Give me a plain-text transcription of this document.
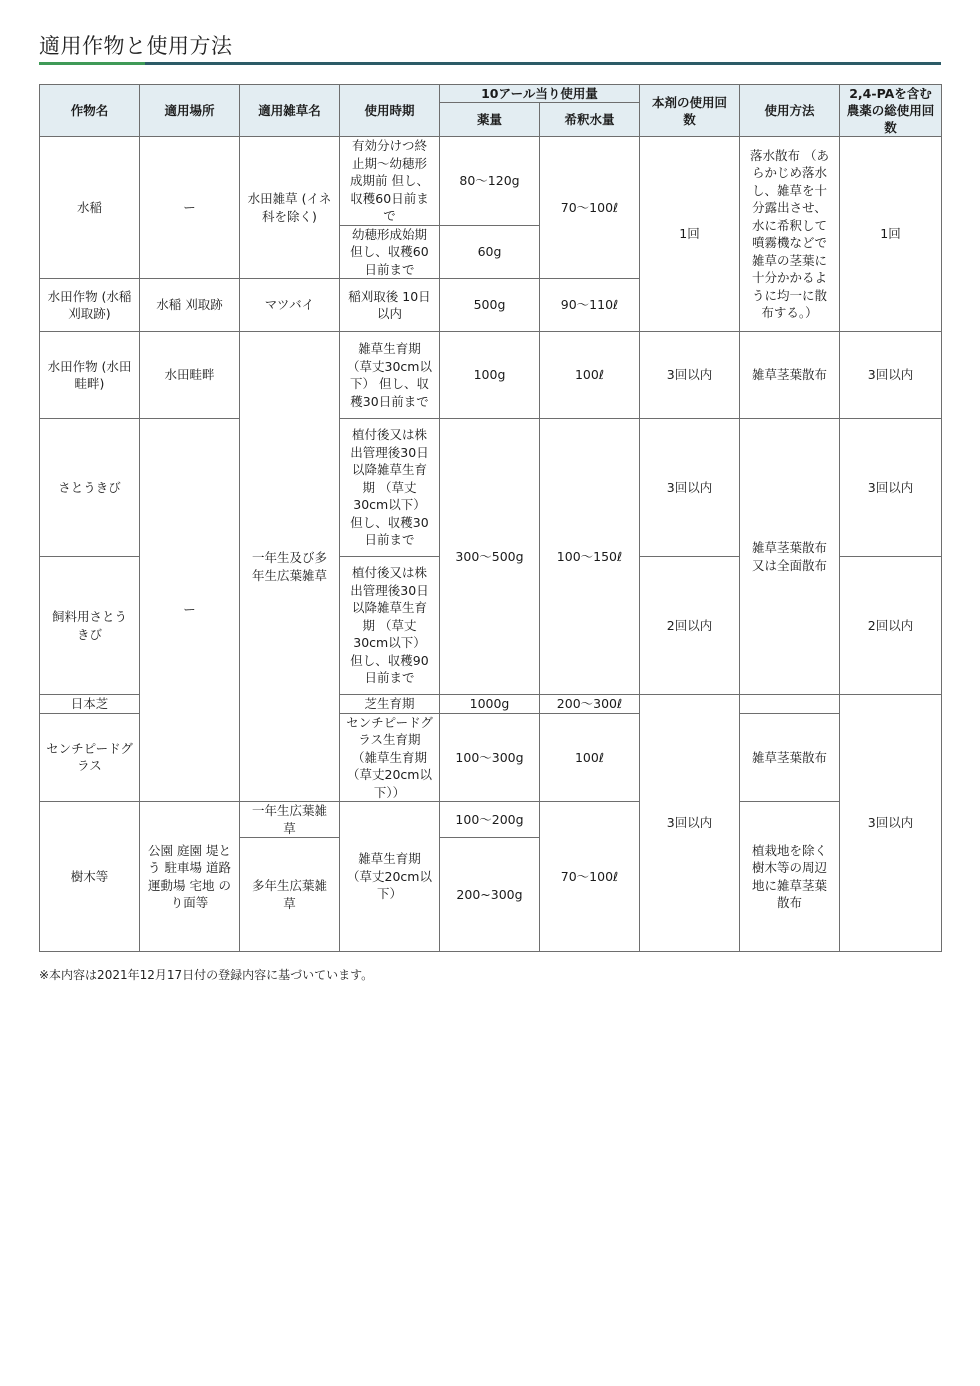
適用作物と使用方法
作物名	適用場所	適用雑草名	使用時期	10アール当り使用量		本剤の使用回数	使用方法	2,4-PAを含む農薬の総使用回数
				薬量	希釈水量			
水稲	ー	水田雑草 (イネ科を除く)	有効分けつ終止期〜幼穂形成期前 但し、収穫60日前まで	80〜120g	70〜100ℓ	1回	落水散布 （あらかじめ落水し、雑草を十分露出させ、水に希釈して噴霧機などで雑草の茎葉に十分かかるように均一に散布する。）	1回
			幼穂形成始期 但し、収穫60日前まで	60g				
水田作物 (水稲刈取跡)	水稲 刈取跡	マツバイ	稲刈取後 10日以内	500g	90〜110ℓ			
水田作物 (水田畦畔)	水田畦畔	一年生及び多年生広葉雑草	雑草生育期 （草丈30cm以下） 但し、収穫30日前まで	100g	100ℓ	3回以内	雑草茎葉散布	3回以内
さとうきび	ー		植付後又は株出管理後30日以降雑草生育期 （草丈30cm以下） 但し、収穫30日前まで	300〜500g	100〜150ℓ	3回以内	雑草茎葉散布又は全面散布	3回以内
飼料用さとうきび			植付後又は株出管理後30日以降雑草生育期 （草丈30cm以下） 但し、収穫90日前まで			2回以内		2回以内
日本芝			芝生育期	1000g	200〜300ℓ	3回以内		3回以内
センチピードグラス			センチピードグラス生育期 （雑草生育期 （草丈20cm以下））	100〜300g	100ℓ		雑草茎葉散布	
樹木等	公園 庭園 堤とう 駐車場 道路 運動場 宅地 のり面等	一年生広葉雑草	雑草生育期 （草丈20cm以下）	100〜200g	70〜100ℓ		植栽地を除く樹木等の周辺地に雑草茎葉散布	
		多年生広葉雑草		200~300g				
※本内容は2021年12月17日付の登録内容に基づいています。
